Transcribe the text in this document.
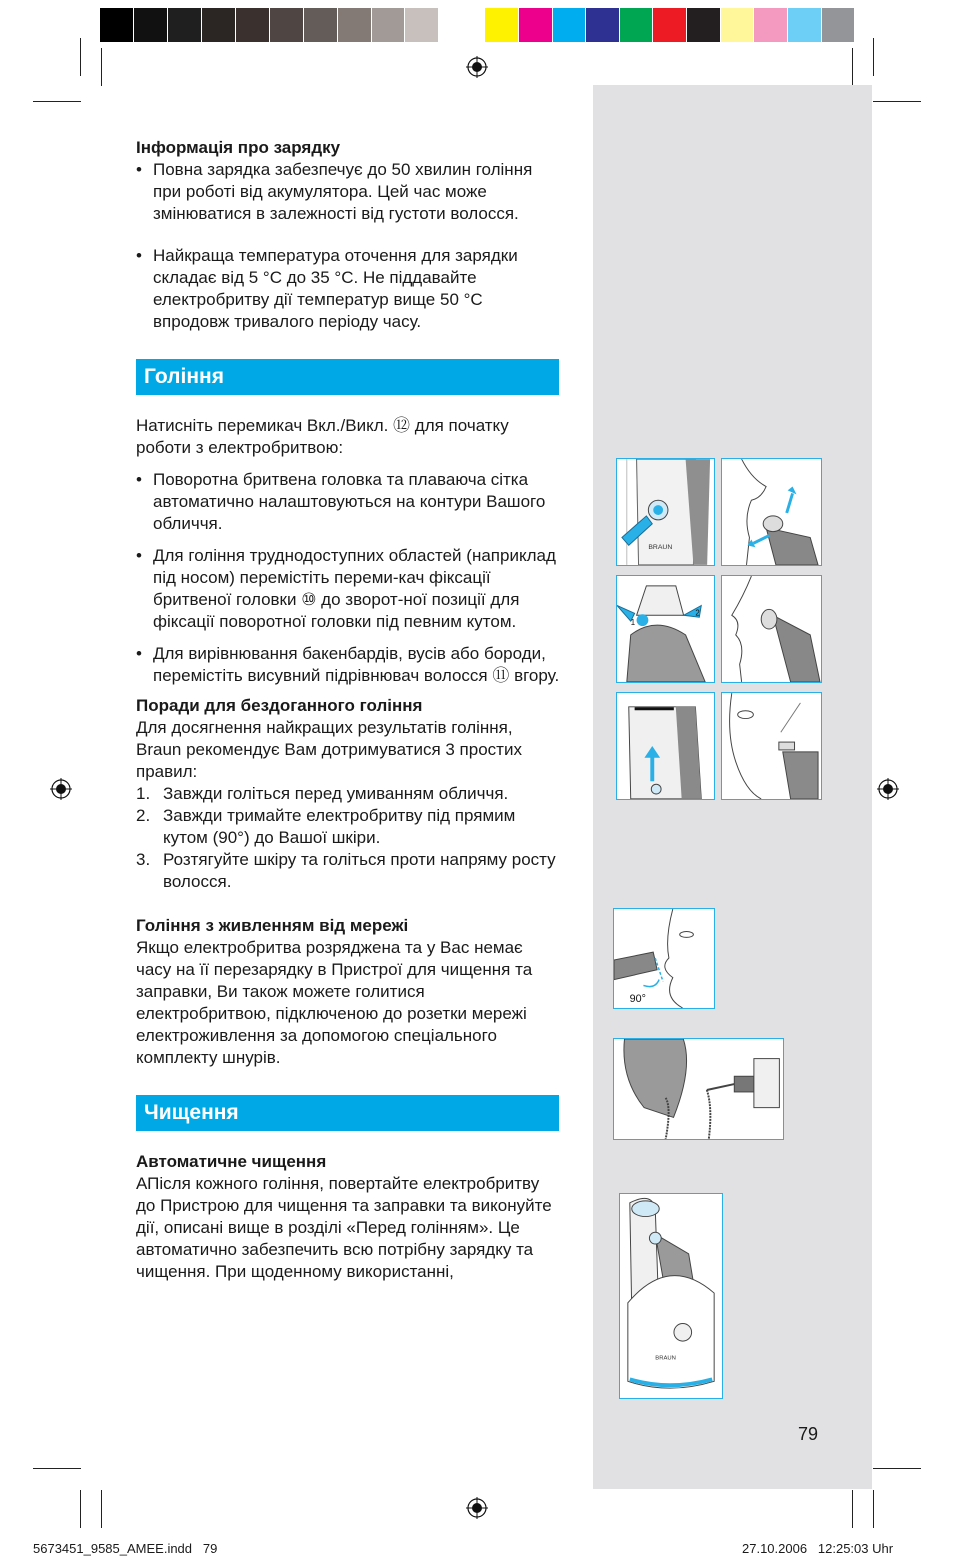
Інформація про зарядку
• Повна зарядка забезпечує до 50 хвилин гоління при роботі від акумулятора. Цей час може змінюватися в залежності від густоти волосся.
• Найкраща температура оточення для зарядки складає від 5 °C до 35 °C. Не піддавайте електробритву дії температур вище 50 °C впродовж тривалого періоду часу.
Гоління
Натисніть перемикач Вкл./Викл. ⑫ для початку роботи з електробритвою:
• Поворотна бритвена головка та плаваюча сітка автоматично налаштовуються на контури Вашого обличчя.
• Для гоління труднодоступних областей (наприклад під носом) перемістіть переми-кач фіксації бритвеної головки ⑩ до зворот-ної позиції для фіксації поворотної головки під певним кутом.
• Для вирівнювання бакенбардів, вусів або бороди, перемістіть висувний підрівнювач волосся ⑪ вгору.
Поради для бездоганного гоління
Для досягнення найкращих результатів гоління, Braun рекомендує Вам дотримуватися 3 простих правил:
1. Завжди голіться перед умиванням обличчя.
2. Завжди тримайте електробритву під прямим кутом (90°) до Вашої шкіри.
3. Розтягуйте шкіру та голіться проти напряму росту волосся.
Гоління з живленням від мережі
Якщо електробритва розряджена та у Вас немає часу на її перезарядку в Пристрої для чищення та заправки, Ви також можете голитися електробритвою, підключеною до розетки мережі електроживлення за допомогою спеціального комплекту шнурів.
Чищення
Автоматичне чищення
АПісля кожного гоління, повертайте електробритву до Пристрою для чищення та заправки та виконуйте дії, описані вище в розділі «Перед голінням». Це автоматично забезпечить всю потрібну зарядку та чищення. При щоденному використанні,
BRAUN
1
2
90°
BRAUN
79
5673451_9585_AMEE.indd   79	27.10.2006   12:25:03 Uhr
